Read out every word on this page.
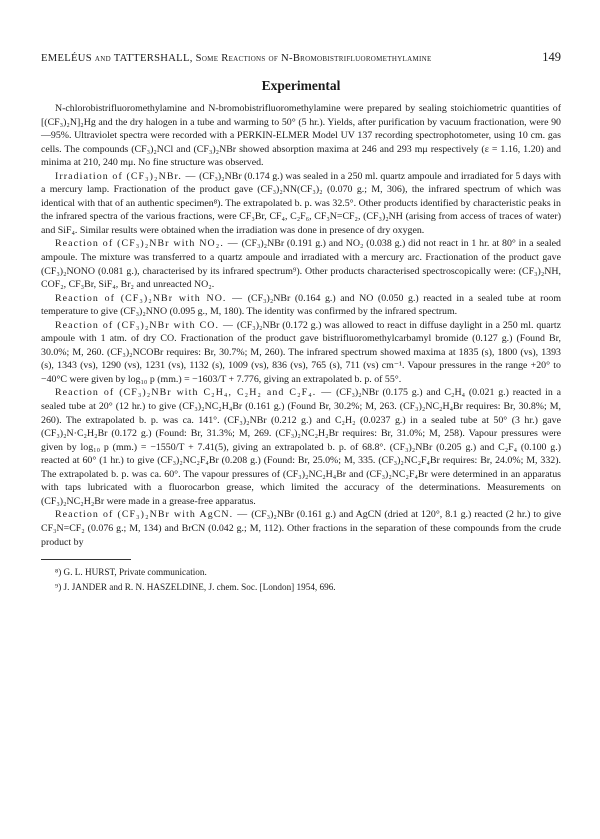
EMELÉUS and TATTERSHALL, Some Reactions of N-Bromobistrifluoromethylamine	149
Experimental

N-chlorobistrifluoromethylamine and N-bromobistrifluoromethylamine were prepared by sealing stoichiometric quantities of [(CF₃)₂N]₂Hg and the dry halogen in a tube and warming to 50° (5 hr.). Yields, after purification by vacuum fractionation, were 90—95%. Ultraviolet spectra were recorded with a PERKIN-ELMER Model UV 137 recording spectrophotometer, using 10 cm. gas cells. The compounds (CF₃)₂NCl and (CF₃)₂NBr showed absorption maxima at 246 and 293 mμ respectively (ε = 1.16, 1.20) and minima at 210, 240 mμ. No fine structure was observed.

Irradiation of (CF₃)₂NBr. — (CF₃)₂NBr (0.174 g.) was sealed in a 250 ml. quartz ampoule and irradiated for 5 days with a mercury lamp. Fractionation of the product gave (CF₃)₂NN(CF₃)₂ (0.070 g.; M, 306), the infrared spectrum of which was identical with that of an authentic specimen⁸). The extrapolated b. p. was 32.5°. Other products identified by characteristic peaks in the infrared spectra of the various fractions, were CF₃Br, CF₄, C₂F₆, CF₃N=CF₂, (CF₃)₂NH (arising from access of traces of water) and SiF₄. Similar results were obtained when the irradiation was done in presence of dry oxygen.

Reaction of (CF₃)₂NBr with NO₂. — (CF₃)₂NBr (0.191 g.) and NO₂ (0.038 g.) did not react in 1 hr. at 80° in a sealed ampoule. The mixture was transferred to a quartz ampoule and irradiated with a mercury arc. Fractionation of the product gave (CF₃)₂NONO (0.081 g.), characterised by its infrared spectrum⁹). Other products characterised spectroscopically were: (CF₃)₂NH, COF₂, CF₃Br, SiF₄, Br₂ and unreacted NO₂.

Reaction of (CF₃)₂NBr with NO. — (CF₃)₂NBr (0.164 g.) and NO (0.050 g.) reacted in a sealed tube at room temperature to give (CF₃)₂NNO (0.095 g., M, 180). The identity was confirmed by the infrared spectrum.

Reaction of (CF₃)₂NBr with CO. — (CF₃)₂NBr (0.172 g.) was allowed to react in diffuse daylight in a 250 ml. quartz ampoule with 1 atm. of dry CO. Fractionation of the product gave bistrifluoromethylcarbamyl bromide (0.127 g.) (Found Br, 30.0%; M, 260. (CF₃)₂NCOBr requires: Br, 30.7%; M, 260). The infrared spectrum showed maxima at 1835 (s), 1800 (vs), 1393 (s), 1343 (vs), 1290 (vs), 1231 (vs), 1132 (s), 1009 (vs), 836 (vs), 765 (s), 711 (vs) cm⁻¹. Vapour pressures in the range +20° to −40°C were given by log₁₀ p (mm.) = −1603/T + 7.776, giving an extrapolated b. p. of 55°.

Reaction of (CF₃)₂NBr with C₂H₄, C₂H₂ and C₂F₄. — (CF₃)₂NBr (0.175 g.) and C₂H₄ (0.021 g.) reacted in a sealed tube at 20° (12 hr.) to give (CF₃)₂NC₂H₄Br (0.161 g.) (Found Br, 30.2%; M, 263. (CF₃)₂NC₂H₄Br requires: Br, 30.8%; M, 260). The extrapolated b. p. was ca. 141°. (CF₃)₂NBr (0.212 g.) and C₂H₂ (0.0237 g.) in a sealed tube at 50° (3 hr.) gave (CF₃)₂N·C₂H₂Br (0.172 g.) (Found: Br, 31.3%; M, 269. (CF₃)₂NC₂H₂Br requires: Br, 31.0%; M, 258). Vapour pressures were given by log₁₀ p (mm.) = −1550/T + 7.41(5), giving an extrapolated b. p. of 68.8°. (CF₃)₂NBr (0.205 g.) and C₂F₄ (0.100 g.) reacted at 60° (1 hr.) to give (CF₃)₂NC₂F₄Br (0.208 g.) (Found: Br, 25.0%; M, 335. (CF₃)₂NC₂F₄Br requires: Br, 24.0%; M, 332). The extrapolated b. p. was ca. 60°. The vapour pressures of (CF₃)₂NC₂H₄Br and (CF₃)₂NC₂F₄Br were determined in an apparatus with taps lubricated with a fluorocarbon grease, which limited the accuracy of the determinations. Measurements on (CF₃)₂NC₂H₂Br were made in a grease-free apparatus.

Reaction of (CF₃)₂NBr with AgCN. — (CF₃)₂NBr (0.161 g.) and AgCN (dried at 120°, 8.1 g.) reacted (2 hr.) to give CF₃N=CF₂ (0.076 g.; M, 134) and BrCN (0.042 g.; M, 112). Other fractions in the separation of these compounds from the crude product by

⁸) G. L. HURST, Private communication.

⁹) J. JANDER and R. N. HASZELDINE, J. chem. Soc. [London] 1954, 696.
